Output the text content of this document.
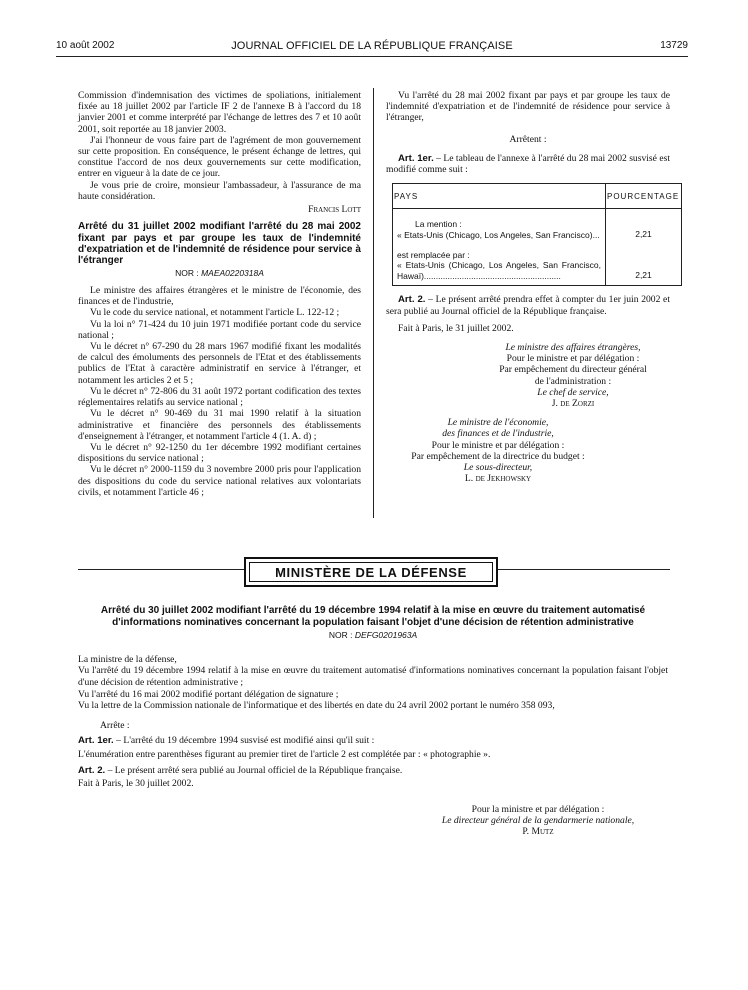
10 août 2002	JOURNAL OFFICIEL DE LA RÉPUBLIQUE FRANÇAISE	13729

Commission d'indemnisation des victimes de spoliations, initialement fixée au 18 juillet 2002 par l'article IF 2 de l'annexe B à l'accord du 18 janvier 2001 et comme interprété par l'échange de lettres des 7 et 10 août 2001, soit reportée au 18 janvier 2003.

J'ai l'honneur de vous faire part de l'agrément de mon gouvernement sur cette proposition. En conséquence, le présent échange de lettres, qui constitue l'accord de nos deux gouvernements sur cette modification, entrer en vigueur à la date de ce jour.

Je vous prie de croire, monsieur l'ambassadeur, à l'assurance de ma haute considération.

Francis Lott
Arrêté du 31 juillet 2002 modifiant l'arrêté du 28 mai 2002 fixant par pays et par groupe les taux de l'indemnité d'expatriation et de l'indemnité de résidence pour service à l'étranger
NOR : MAEA0220318A

Le ministre des affaires étrangères et le ministre de l'économie, des finances et de l'industrie,

Vu le code du service national, et notamment l'article L. 122-12 ;

Vu la loi n° 71-424 du 10 juin 1971 modifiée portant code du service national ;

Vu le décret n° 67-290 du 28 mars 1967 modifié fixant les modalités de calcul des émoluments des personnels de l'Etat et des établissements publics de l'Etat à caractère administratif en service à l'étranger, et notamment les articles 2 et 5 ;

Vu le décret n° 72-806 du 31 août 1972 portant codification des textes réglementaires relatifs au service national ;

Vu le décret n° 90-469 du 31 mai 1990 relatif à la situation administrative et financière des personnels des établissements d'enseignement à l'étranger, et notamment l'article 4 (1. A. d) ;

Vu le décret n° 92-1250 du 1er décembre 1992 modifiant certaines dispositions du service national ;

Vu le décret n° 2000-1159 du 3 novembre 2000 pris pour l'application des dispositions du code du service national relatives aux volontariats civils, et notamment l'article 46 ;

Vu l'arrêté du 28 mai 2002 fixant par pays et par groupe les taux de l'indemnité d'expatriation et de l'indemnité de résidence pour service à l'étranger,

Arrêtent :

Art. 1er. – Le tableau de l'annexe à l'arrêté du 28 mai 2002 susvisé est modifié comme suit :

PAYS	POURCENTAGE

La mention :
« Etats-Unis (Chicago, Los Angeles, San Francisco)...	2,21

est remplacée par :
« Etats-Unis (Chicago, Los Angeles, San Francisco, Hawaï)..........................................................	2,21

Art. 2. – Le présent arrêté prendra effet à compter du 1er juin 2002 et sera publié au Journal officiel de la République française.

Fait à Paris, le 31 juillet 2002.

Le ministre des affaires étrangères,
Pour le ministre et par délégation :
Par empêchement du directeur général
de l'administration :
Le chef de service,
J. de Zorzi
Le ministre de l'économie,
des finances et de l'industrie,
Pour le ministre et par délégation :
Par empêchement de la directrice du budget :
Le sous-directeur,
L. de Jekhowsky
MINISTÈRE DE LA DÉFENSE
Arrêté du 30 juillet 2002 modifiant l'arrêté du 19 décembre 1994 relatif à la mise en œuvre du traitement automatisé d'informations nominatives concernant la population faisant l'objet d'une décision de rétention administrative
NOR : DEFG0201963A

La ministre de la défense,

Vu l'arrêté du 19 décembre 1994 relatif à la mise en œuvre du traitement automatisé d'informations nominatives concernant la population faisant l'objet d'une décision de rétention administrative ;

Vu l'arrêté du 16 mai 2002 modifié portant délégation de signature ;

Vu la lettre de la Commission nationale de l'informatique et des libertés en date du 24 avril 2002 portant le numéro 358 093,

Arrête :

Art. 1er. – L'arrêté du 19 décembre 1994 susvisé est modifié ainsi qu'il suit :

L'énumération entre parenthèses figurant au premier tiret de l'article 2 est complétée par : « photographie ».

Art. 2. – Le présent arrêté sera publié au Journal officiel de la République française.

Fait à Paris, le 30 juillet 2002.

Pour la ministre et par délégation :
Le directeur général de la gendarmerie nationale,
P. Mutz
